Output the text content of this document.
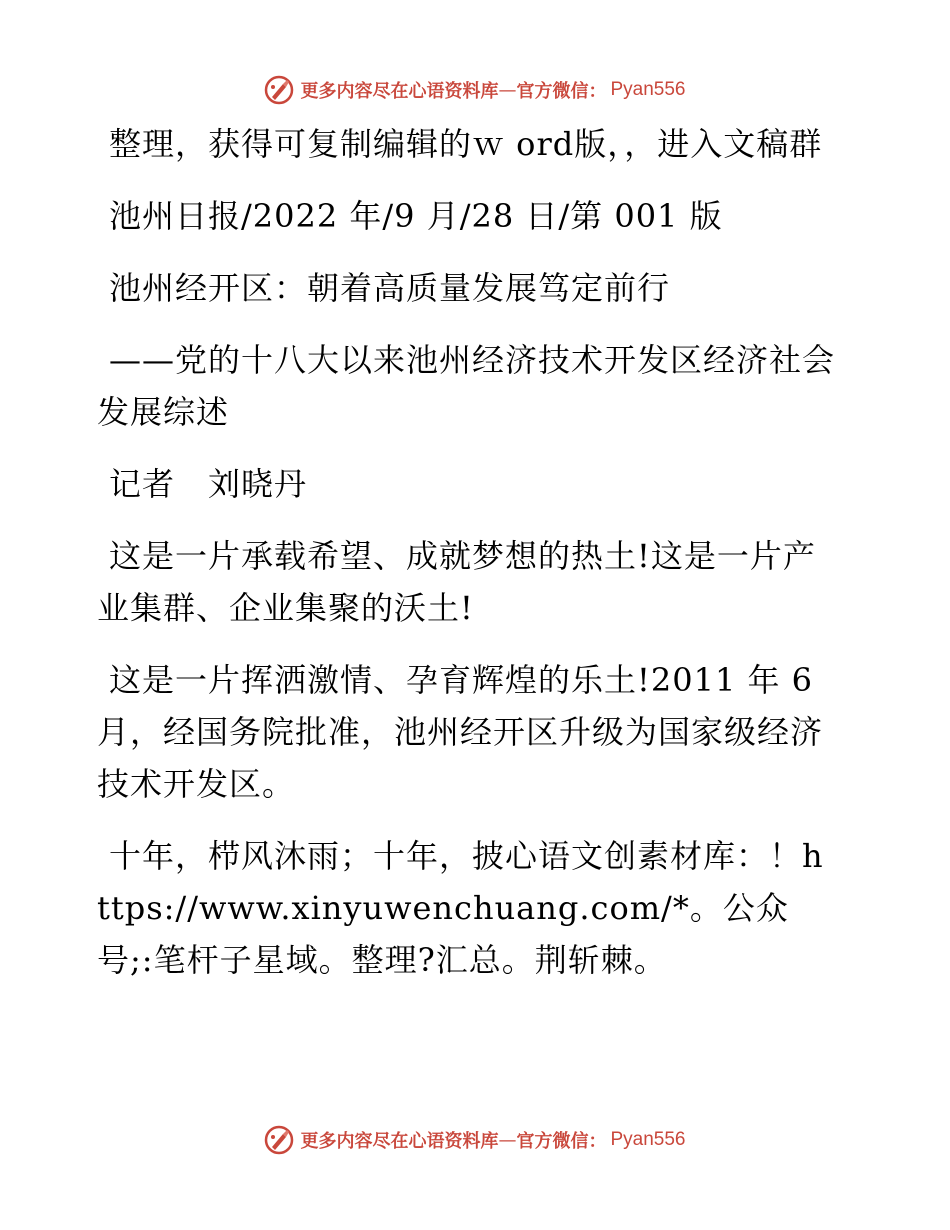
更多内容尽在心语资料库 — 官方微信： Pyan556

整理，获得可复制编辑的ｗ ord版，，进入文稿群

池州日报/2022 年/9 月/28 日/第 001 版

池州经开区：朝着高质量发展笃定前行

——党的十八大以来池州经济技术开发区经济社会发展综述

记者　刘晓丹

这是一片承载希望、成就梦想的热土!这是一片产业集群、企业集聚的沃土!

这是一片挥洒激情、孕育辉煌的乐土!2011 年 6 月，经国务院批准，池州经开区升级为国家级经济技术开发区。

十年，栉风沐雨；十年，披心语文创素材库：！https://www.xinyuwenchuang.com/*。公众号;:笔杆子星域。整理?汇总。荆斩棘。

更多内容尽在心语资料库 — 官方微信： Pyan556
